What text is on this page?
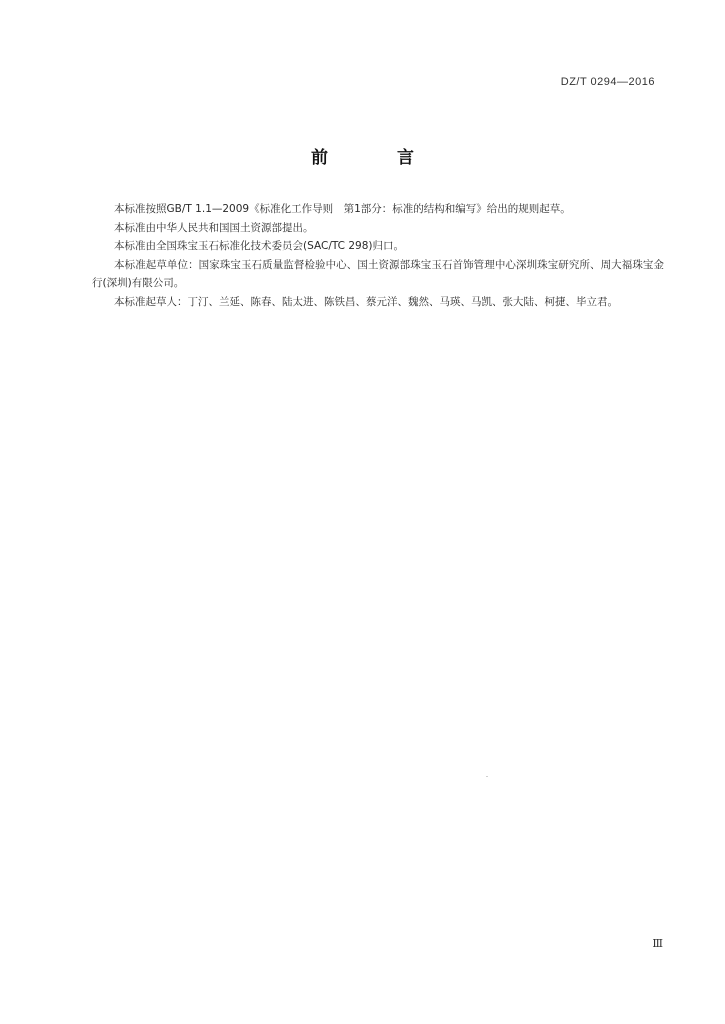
DZ/T 0294—2016
前　言

本标准按照GB/T 1.1—2009《标准化工作导则　第1部分：标准的结构和编写》给出的规则起草。

本标准由中华人民共和国国土资源部提出。

本标准由全国珠宝玉石标准化技术委员会(SAC/TC 298)归口。

本标准起草单位：国家珠宝玉石质量监督检验中心、国土资源部珠宝玉石首饰管理中心深圳珠宝研究所、周大福珠宝金行(深圳)有限公司。

本标准起草人：丁汀、兰延、陈春、陆太进、陈铁昌、蔡元洋、魏然、马瑛、马凯、张大陆、柯捷、毕立君。

Ⅲ
